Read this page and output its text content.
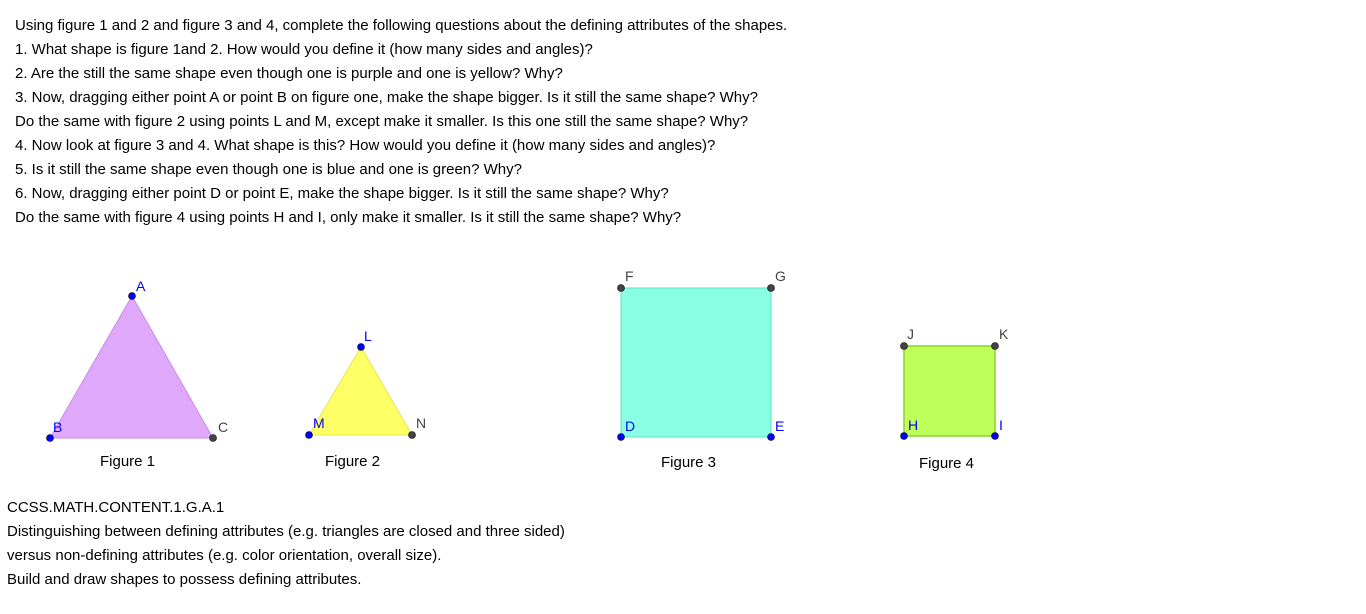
Using figure 1 and 2 and figure 3 and 4, complete the following questions about the defining attributes of the shapes.
1. What shape is figure 1and 2. How would you define it (how many sides and angles)?
2. Are the still the same shape even though one is purple and one is yellow? Why?
3. Now, dragging either point A or point B on figure one, make the shape bigger. Is it still the same shape? Why?
Do the same with figure 2 using points L and M, except make it smaller. Is this one still the same shape? Why?
4. Now look at figure 3 and 4. What shape is this? How would you define it (how many sides and angles)?
5. Is it still the same shape even though one is blue and one is green? Why?
6. Now, dragging either point D or point E, make the shape bigger. Is it still the same shape? Why?
Do the same with figure 4 using points H and I, only make it smaller. Is it still the same shape? Why?
A
B	C
Figure 1
L
M	N
Figure 2
F	G
D	E
Figure 3
J	K
H	I
Figure 4
CCSS.MATH.CONTENT.1.G.A.1
Distinguishing between defining attributes (e.g. triangles are closed and three sided)
versus non-defining attributes (e.g. color orientation, overall size).
Build and draw shapes to possess defining attributes.
